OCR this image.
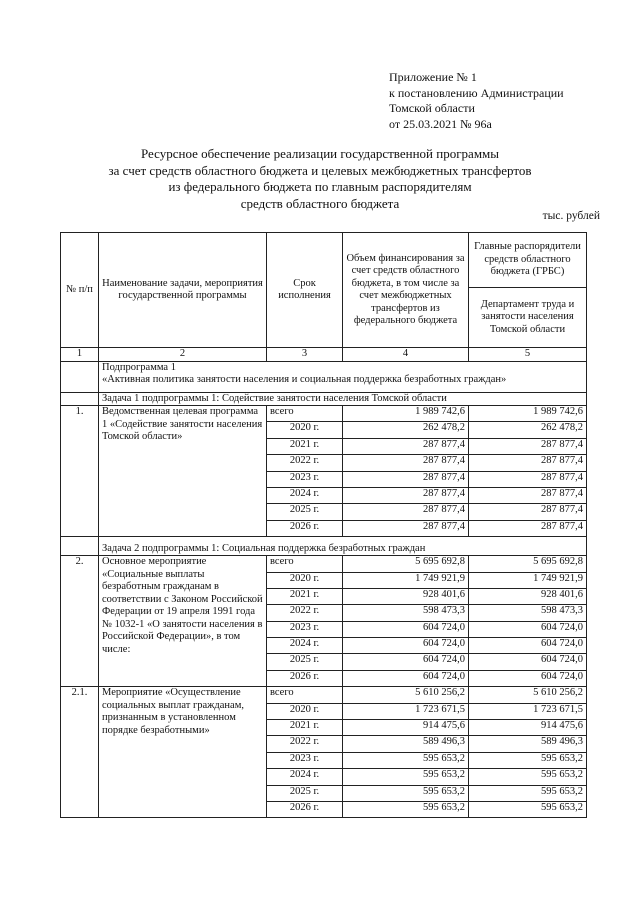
Приложение № 1
к постановлению Администрации
Томской области
от 25.03.2021 № 96а
Ресурсное обеспечение реализации государственной программы
за счет средств областного бюджета и целевых межбюджетных трансфертов
из федерального бюджета по главным распорядителям
средств областного бюджета
тыс. рублей
№ п/п	Наименование задачи, мероприятия государственной программы	Срок исполнения	Объем финансирования за счет средств областного бюджета, в том числе за счет межбюджетных трансфертов из федерального бюджета	Главные распорядители средств областного бюджета (ГРБС)
				Департамент труда и занятости населения Томской области
1	2	3	4	5

	Подпрограмма 1
«Активная политика занятости населения и социальная поддержка безработных граждан»			

	Задача 1 подпрограммы 1: Содействие занятости населения Томской области			
1.	Ведомственная целевая программа 1 «Содействие занятости населения Томской области»	всего	1 989 742,6	1 989 742,6
		2020 г.	262 478,2	262 478,2
		2021 г.	287 877,4	287 877,4
		2022 г.	287 877,4	287 877,4
		2023 г.	287 877,4	287 877,4
		2024 г.	287 877,4	287 877,4
		2025 г.	287 877,4	287 877,4
		2026 г.	287 877,4	287 877,4
	Задача 2 подпрограммы 1: Социальная поддержка безработных граждан			
2.	Основное мероприятие «Социальные выплаты безработным гражданам в соответствии с Законом Российской Федерации от 19 апреля 1991 года № 1032-1 «О занятости населения в Российской Федерации», в том числе:	всего	5 695 692,8	5 695 692,8
		2020 г.	1 749 921,9	1 749 921,9
		2021 г.	928 401,6	928 401,6
		2022 г.	598 473,3	598 473,3
		2023 г.	604 724,0	604 724,0
		2024 г.	604 724,0	604 724,0
		2025 г.	604 724,0	604 724,0
		2026 г.	604 724,0	604 724,0
2.1.	Мероприятие «Осуществление социальных выплат гражданам, признанным в установленном порядке безработными»	всего	5 610 256,2	5 610 256,2
		2020 г.	1 723 671,5	1 723 671,5
		2021 г.	914 475,6	914 475,6
		2022 г.	589 496,3	589 496,3
		2023 г.	595 653,2	595 653,2
		2024 г.	595 653,2	595 653,2
		2025 г.	595 653,2	595 653,2
		2026 г.	595 653,2	595 653,2
